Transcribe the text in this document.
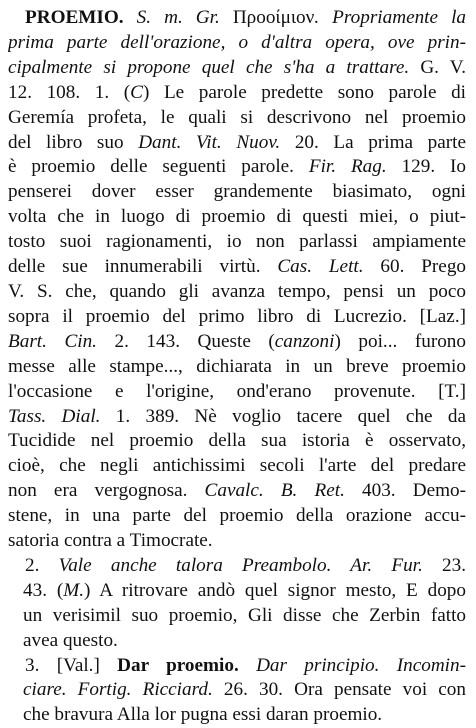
PROEMIO. S. m. Gr. Προοίμιον. Propriamente la
prima parte dell'orazione, o d'altra opera, ove prin-
cipalmente si propone quel che s'ha a trattare. G. V.
12. 108. 1. (C) Le parole predette sono parole di
Geremía profeta, le quali si descrivono nel proemio
del libro suo Dant. Vit. Nuov. 20. La prima parte
è proemio delle seguenti parole. Fir. Rag. 129. Io
penserei dover esser grandemente biasimato, ogni
volta che in luogo di proemio di questi miei, o piut-
tosto suoi ragionamenti, io non parlassi ampiamente
delle sue innumerabili virtù. Cas. Lett. 60. Prego
V. S. che, quando gli avanza tempo, pensi un poco
sopra il proemio del primo libro di Lucrezio. [Laz.]
Bart. Cin. 2. 143. Queste (canzoni) poi... furono
messe alle stampe..., dichiarata in un breve proemio
l'occasione e l'origine, ond'erano provenute. [T.]
Tass. Dial. 1. 389. Nè voglio tacere quel che da
Tucidide nel proemio della sua istoria è osservato,
cioè, che negli antichissimi secoli l'arte del predare
non era vergognosa. Cavalc. B. Ret. 403. Demo-
stene, in una parte del proemio della orazione accu-
satoria contra a Timocrate.
2. Vale anche talora Preambolo. Ar. Fur. 23.
43. (M.) A ritrovare andò quel signor mesto, E dopo
un verisimil suo proemio, Gli disse che Zerbin fatto
avea questo.
3. [Val.] Dar proemio. Dar principio. Incomin-
ciare. Fortig. Ricciard. 26. 30. Ora pensate voi con
che bravura Alla lor pugna essi daran proemio.
